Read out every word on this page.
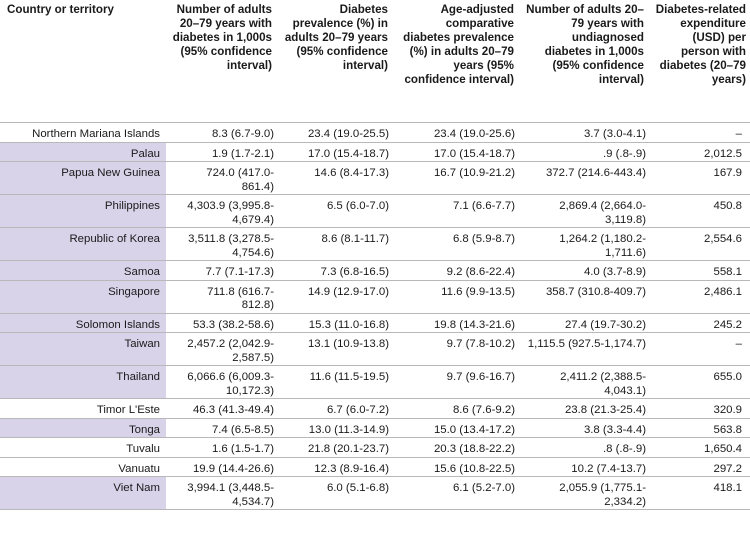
Country or territory	Number of adults 20–79 years with diabetes in 1,000s (95% confidence interval)	Diabetes prevalence (%) in adults 20–79 years (95% confidence interval)	Age-adjusted comparative diabetes prevalence (%) in adults 20–79 years (95% confidence interval)	Number of adults 20–79 years with undiagnosed diabetes in 1,000s (95% confidence interval)	Diabetes-related expenditure (USD) per person with diabetes (20–79 years)
Northern Mariana Islands	8.3 (6.7-9.0)	23.4 (19.0-25.5)	23.4 (19.0-25.6)	3.7 (3.0-4.1)	–
Palau	1.9 (1.7-2.1)	17.0 (15.4-18.7)	17.0 (15.4-18.7)	.9 (.8-.9)	2,012.5
Papua New Guinea	724.0 (417.0-861.4)	14.6 (8.4-17.3)	16.7 (10.9-21.2)	372.7 (214.6-443.4)	167.9
Philippines	4,303.9 (3,995.8-4,679.4)	6.5 (6.0-7.0)	7.1 (6.6-7.7)	2,869.4 (2,664.0-3,119.8)	450.8
Republic of Korea	3,511.8 (3,278.5-4,754.6)	8.6 (8.1-11.7)	6.8 (5.9-8.7)	1,264.2 (1,180.2-1,711.6)	2,554.6
Samoa	7.7 (7.1-17.3)	7.3 (6.8-16.5)	9.2 (8.6-22.4)	4.0 (3.7-8.9)	558.1
Singapore	711.8 (616.7-812.8)	14.9 (12.9-17.0)	11.6 (9.9-13.5)	358.7 (310.8-409.7)	2,486.1
Solomon Islands	53.3 (38.2-58.6)	15.3 (11.0-16.8)	19.8 (14.3-21.6)	27.4 (19.7-30.2)	245.2
Taiwan	2,457.2 (2,042.9-2,587.5)	13.1 (10.9-13.8)	9.7 (7.8-10.2)	1,115.5 (927.5-1,174.7)	–
Thailand	6,066.6 (6,009.3-10,172.3)	11.6 (11.5-19.5)	9.7 (9.6-16.7)	2,411.2 (2,388.5-4,043.1)	655.0
Timor L'Este	46.3 (41.3-49.4)	6.7 (6.0-7.2)	8.6 (7.6-9.2)	23.8 (21.3-25.4)	320.9
Tonga	7.4 (6.5-8.5)	13.0 (11.3-14.9)	15.0 (13.4-17.2)	3.8 (3.3-4.4)	563.8
Tuvalu	1.6 (1.5-1.7)	21.8 (20.1-23.7)	20.3 (18.8-22.2)	.8 (.8-.9)	1,650.4
Vanuatu	19.9 (14.4-26.6)	12.3 (8.9-16.4)	15.6 (10.8-22.5)	10.2 (7.4-13.7)	297.2
Viet Nam	3,994.1 (3,448.5-4,534.7)	6.0 (5.1-6.8)	6.1 (5.2-7.0)	2,055.9 (1,775.1-2,334.2)	418.1
